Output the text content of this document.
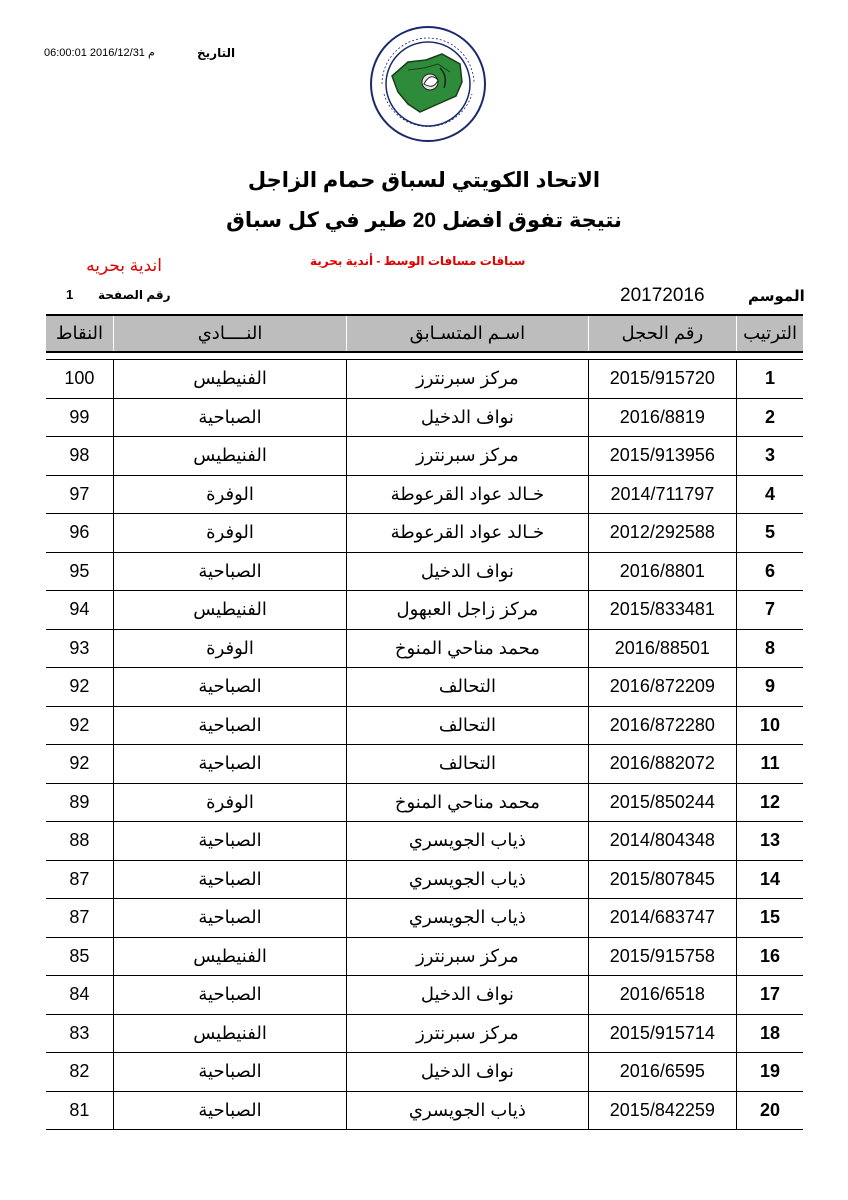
التاريخ
06:00:01 2016/12/31 م
الاتحاد الكويتي لسباق حمام الزاجل
نتيجة تفوق افضل 20 طير في كل سباق
اندية بحريه	سباقات مسافات الوسط - أندية بحرية
الموسم
20172016
رقم الصفحة
1
الترتيب	رقم الحجل	اسـم المتسـابق	النــــادي	النقاط

1	2015/915720	مركز سبرنترز	الفنيطيس	100
2	2016/8819	نواف الدخيل	الصباحية	99
3	2015/913956	مركز سبرنترز	الفنيطيس	98
4	2014/711797	خـالد عواد القرعوطة	الوفرة	97
5	2012/292588	خـالد عواد القرعوطة	الوفرة	96
6	2016/8801	نواف الدخيل	الصباحية	95
7	2015/833481	مركز زاجل العبهول	الفنيطيس	94
8	2016/88501	محمد مناحي المنوخ	الوفرة	93
9	2016/872209	التحالف	الصباحية	92
10	2016/872280	التحالف	الصباحية	92
11	2016/882072	التحالف	الصباحية	92
12	2015/850244	محمد مناحي المنوخ	الوفرة	89
13	2014/804348	ذياب الجويسري	الصباحية	88
14	2015/807845	ذياب الجويسري	الصباحية	87
15	2014/683747	ذياب الجويسري	الصباحية	87
16	2015/915758	مركز سبرنترز	الفنيطيس	85
17	2016/6518	نواف الدخيل	الصباحية	84
18	2015/915714	مركز سبرنترز	الفنيطيس	83
19	2016/6595	نواف الدخيل	الصباحية	82
20	2015/842259	ذياب الجويسري	الصباحية	81
